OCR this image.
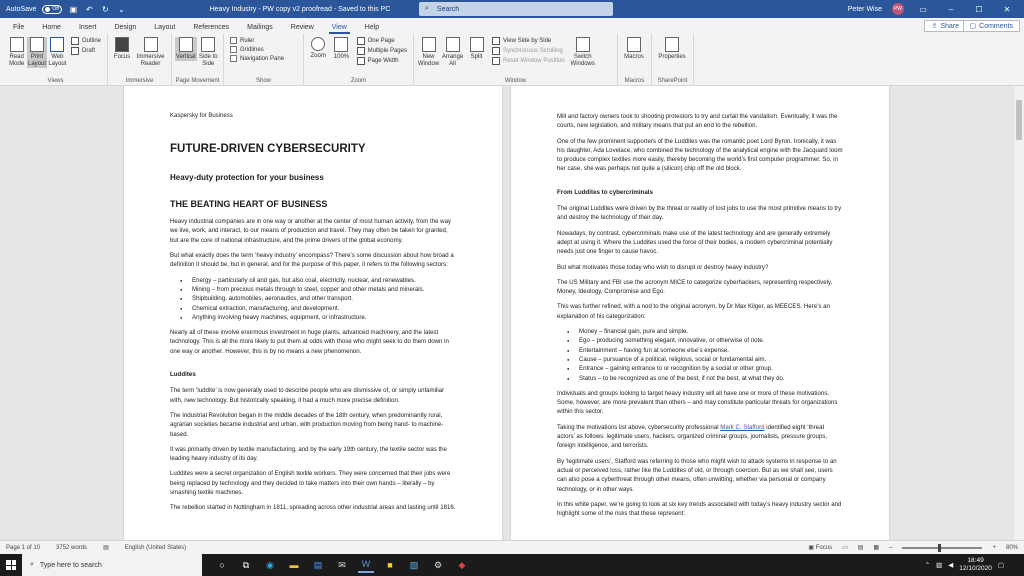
AutoSave	Off ▣ ↶ ↻ ⌄	Heavy Industry - PW copy v2 proofread - Saved to this PC	⌕ Search	Peter Wise	PW	▭	–	☐	✕
File	Home	Insert	Design	Layout	References	Mailings	Review	View	Help	⇪ Share ▢ Comments
Read Mode
Print Layout
Web Layout
Outline
Draft
Views
Focus	Immersive Reader
Immersive
Vertical Side to Side
Page Movement
Ruler
Gridlines
Navigation Pane
Show
Zoom 100%
One Page
Multiple Pages
Page Width
Zoom
New Window
Arrange All
Split
View Side by Side
Synchronous Scrolling
Reset Window Position
Switch Windows
Window
Macros
Macros
Properties
SharePoint
Kaspersky for Business
FUTURE-DRIVEN CYBERSECURITY
Heavy-duty protection for your business
THE BEATING HEART OF BUSINESS

Heavy industrial companies are in one way or another at the center of most human activity, from the way we live, work, and interact, to our means of production and travel. They may often be taken for granted, but are the core of national infrastructure, and the prime drivers of the global economy.

But what exactly does the term ‘heavy industry’ encompass? There’s some discussion about how broad a definition it should be, but in general, and for the purpose of this paper, it refers to the following sectors:

● Energy – particularly oil and gas, but also coal, electricity, nuclear, and renewables.
● Mining – from precious metals through to steel, copper and other metals and minerals.
● Shipbuilding, automobiles, aeronautics, and other transport.
● Chemical extraction, manufacturing, and development.
● Anything involving heavy machines, equipment, or infrastructure.

Nearly all of these involve enormous investment in huge plants, advanced machinery, and the latest technology. This is all the more likely to put them at odds with those who might seek to do them down in one way or another. However, this is by no means a new phenomenon.

Luddites

The term ‘luddite’ is now generally used to describe people who are dismissive of, or simply unfamiliar with, new technology. But historically speaking, it had a much more precise definition.

The Industrial Revolution began in the middle decades of the 18th century, when predominantly rural, agrarian societies became industrial and urban, with production moving from being hand- to machine-based.

It was primarily driven by textile manufacturing, and by the early 19th century, the textile sector was the leading heavy industry of its day.

Luddites were a secret organization of English textile workers. They were concerned that their jobs were being replaced by technology and they decided to take matters into their own hands – literally – by smashing textile machines.

The rebellion started in Nottingham in 1811, spreading across other industrial areas and lasting until 1816.

Mill and factory owners took to shooting protestors to try and curtail the vandalism. Eventually, it was the courts, new legislation, and military means that put an end to the rebellion.

One of the few prominent supporters of the Luddites was the romantic poet Lord Byron. Ironically, it was his daughter, Ada Lovelace, who combined the technology of the analytical engine with the Jacquard loom to produce complex textiles more easily, thereby becoming the world’s first computer programmer. So, in her case, she was perhaps not quite a (silicon) chip off the old block.

From Luddites to cybercriminals

The original Luddites were driven by the threat or reality of lost jobs to use the most primitive means to try and destroy the technology of their day.

Nowadays, by contrast, cybercriminals make use of the latest technology and are generally extremely adept at using it. Where the Luddites used the force of their bodies, a modern cybercriminal potentially needs just one finger to cause havoc.

But what motivates those today who wish to disrupt or destroy heavy industry?

The US Military and FBI use the acronym MICE to categorize cyberhackers, representing respectively, Money, Ideology, Compromise and Ego.

This was further refined, with a nod to the original acronym, by Dr Max Kilger, as MEECES. Here’s an explanation of his categorization:

● Money – financial gain, pure and simple.
● Ego – producing something elegant, innovative, or otherwise of note.
● Entertainment – having fun at someone else’s expense.
● Cause – pursuance of a political, religious, social or fundamental aim.
● Entrance – gaining entrance to or recognition by a social or other group.
● Status – to be recognized as one of the best, if not the best, at what they do.

Individuals and groups looking to target heavy industry will all have one or more of these motivations. Some, however, are more prevalent than others – and may constitute particular threats for organizations within this sector.

Taking the motivations list above, cybersecurity professional Mark C. Stafford identified eight ‘threat actors’ as follows: legitimate users, hackers, organized criminal groups, journalists, pressure groups, foreign intelligence, and terrorists.

By ‘legitimate users’, Stafford was referring to those who might wish to attack systems in response to an actual or perceived loss, rather like the Luddites of old, or through coercion. But as we shall see, users can also pose a cyberthreat through other means, often unwitting, whether via personal or company technology, or in other ways.

In this white paper, we’re going to look at six key trends associated with today’s heavy industry sector and highlight some of the risks that these represent:

Page 1 of 10	3752 words	▤	English (United States)	▣ Focus ▭ ▤ ▦ –	+ 80%
⌕ Type here to search	○	⧉	◉	▬	▤	✉	W	■	▧	⚙	◆	⌃ ▥ ◀
18:49
12/10/2020 ▢
